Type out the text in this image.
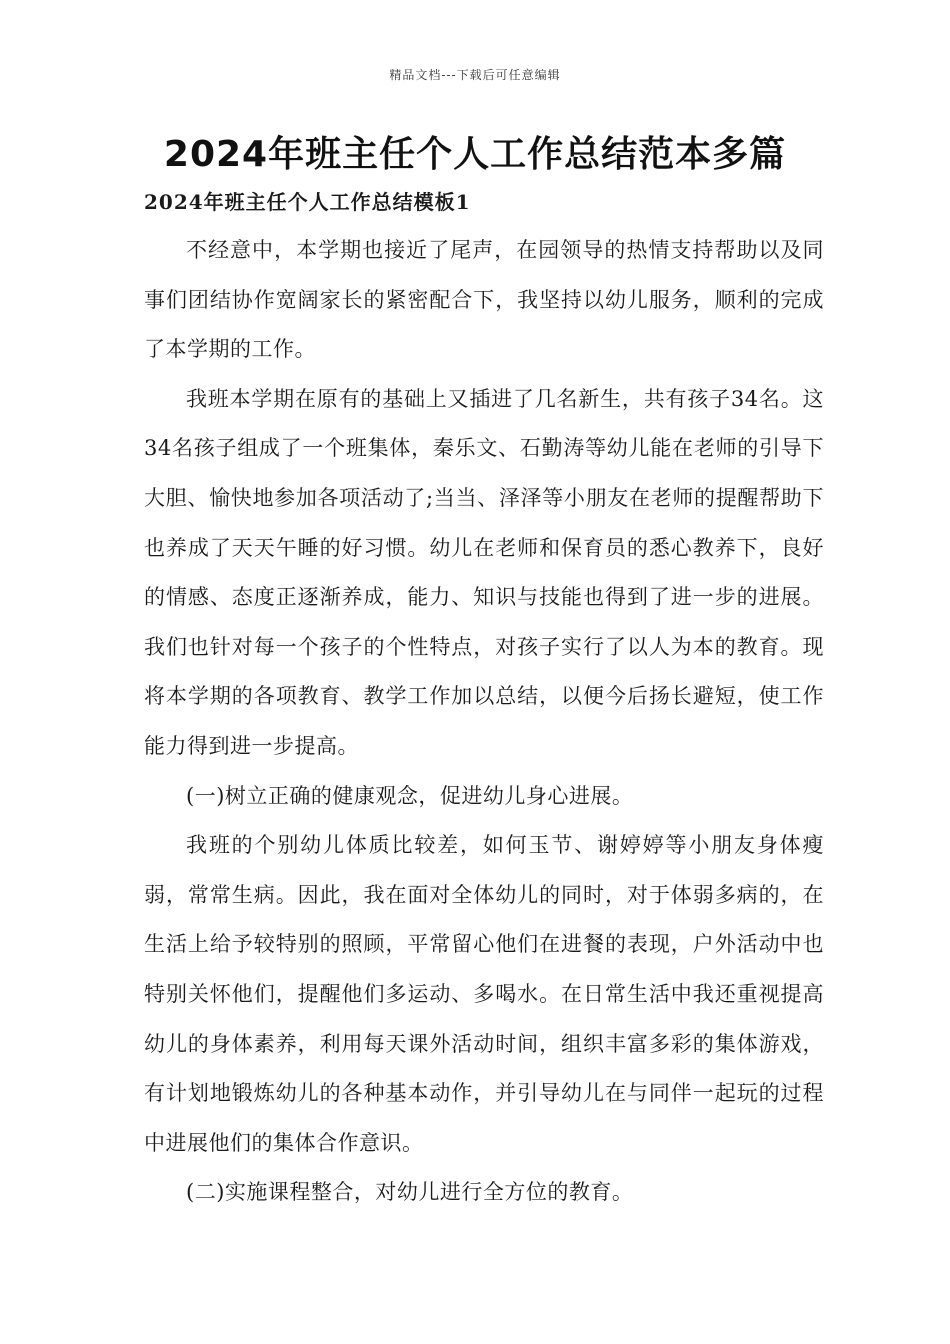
精品文档---下载后可任意编辑
2024年班主任个人工作总结范本多篇
2024年班主任个人工作总结模板1

不经意中，本学期也接近了尾声，在园领导的热情支持帮助以及同事们团结协作宽阔家长的紧密配合下，我坚持以幼儿服务，顺利的完成了本学期的工作。

我班本学期在原有的基础上又插进了几名新生，共有孩子34名。这34名孩子组成了一个班集体，秦乐文、石勤涛等幼儿能在老师的引导下大胆、愉快地参加各项活动了;当当、泽泽等小朋友在老师的提醒帮助下也养成了天天午睡的好习惯。幼儿在老师和保育员的悉心教养下，良好的情感、态度正逐渐养成，能力、知识与技能也得到了进一步的进展。我们也针对每一个孩子的个性特点，对孩子实行了以人为本的教育。现将本学期的各项教育、教学工作加以总结，以便今后扬长避短，使工作能力得到进一步提高。

(一)树立正确的健康观念，促进幼儿身心进展。

我班的个别幼儿体质比较差，如何玉节、谢婷婷等小朋友身体瘦弱，常常生病。因此，我在面对全体幼儿的同时，对于体弱多病的，在生活上给予较特别的照顾，平常留心他们在进餐的表现，户外活动中也特别关怀他们，提醒他们多运动、多喝水。在日常生活中我还重视提高幼儿的身体素养，利用每天课外活动时间，组织丰富多彩的集体游戏，有计划地锻炼幼儿的各种基本动作，并引导幼儿在与同伴一起玩的过程中进展他们的集体合作意识。

(二)实施课程整合，对幼儿进行全方位的教育。
